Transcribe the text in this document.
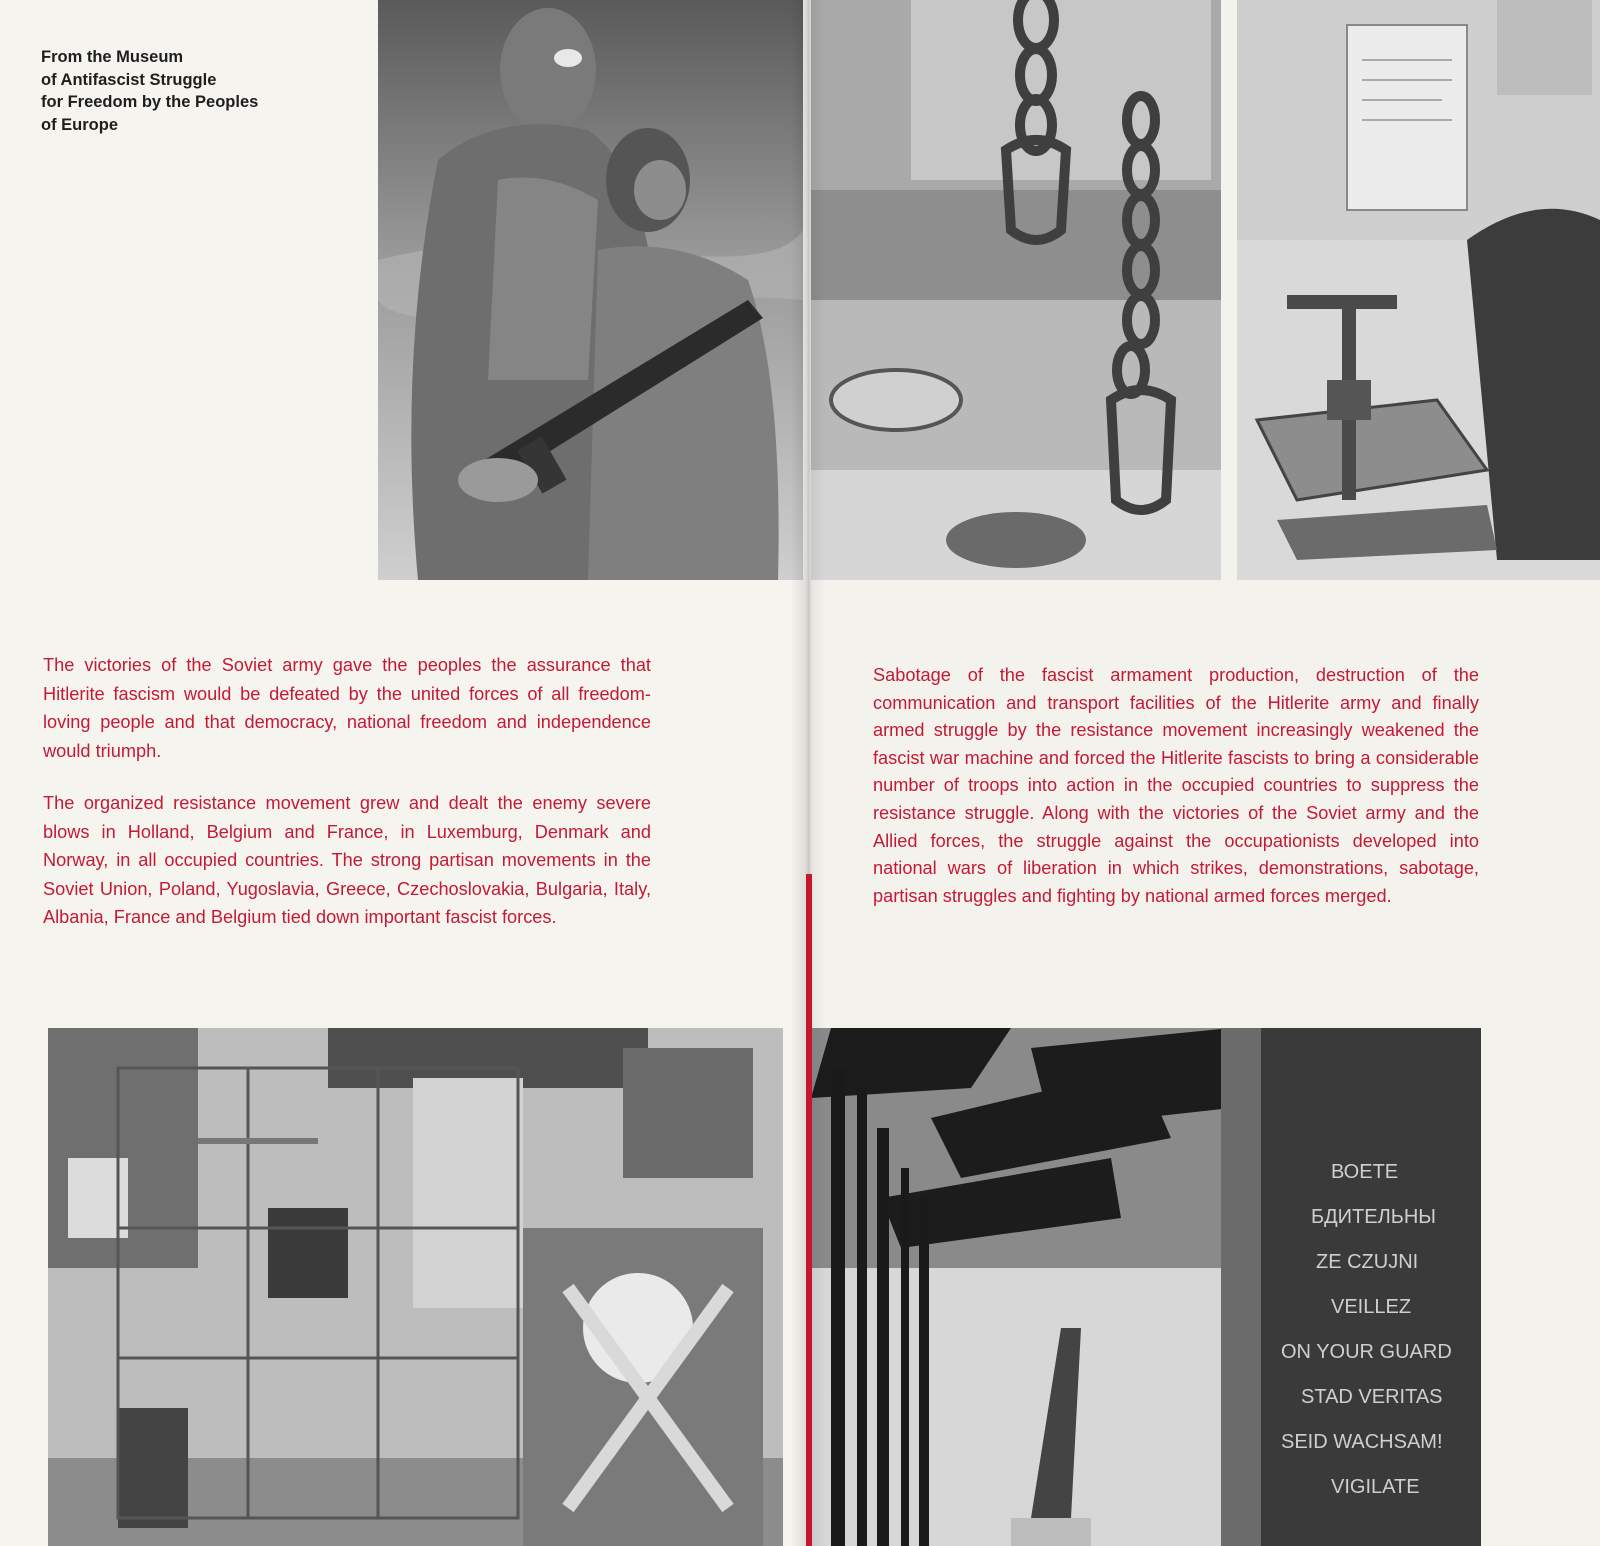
From the Museum
of Antifascist Struggle
for Freedom by the Peoples
of Europe

The victories of the Soviet army gave the peoples the assurance that Hitlerite fascism would be defeated by the united forces of all freedom-loving people and that democracy, national freedom and independence would triumph.

The organized resistance movement grew and dealt the enemy severe blows in Holland, Belgium and France, in Luxemburg, Denmark and Norway, in all occupied countries. The strong partisan movements in the Soviet Union, Poland, Yugoslavia, Greece, Czechoslovakia, Bulgaria, Italy, Albania, France and Belgium tied down important fascist forces.

Sabotage of the fascist armament production, destruction of the communication and transport facilities of the Hitlerite army and finally armed struggle by the resistance movement increasingly weakened the fascist war machine and forced the Hitlerite fascists to bring a considerable number of troops into action in the occupied countries to suppress the resistance struggle. Along with the victories of the Soviet army and the Allied forces, the struggle against the occupationists developed into national wars of liberation in which strikes, demonstrations, sabotage, partisan struggles and fighting by national armed forces merged.

ВОЕТЕ
БДИТЕЛЬНЫ
ZE CZUJNI
VEILLEZ
ON YOUR GUARD
STAD VERITAS
SEID WACHSAM!
VIGILATE
